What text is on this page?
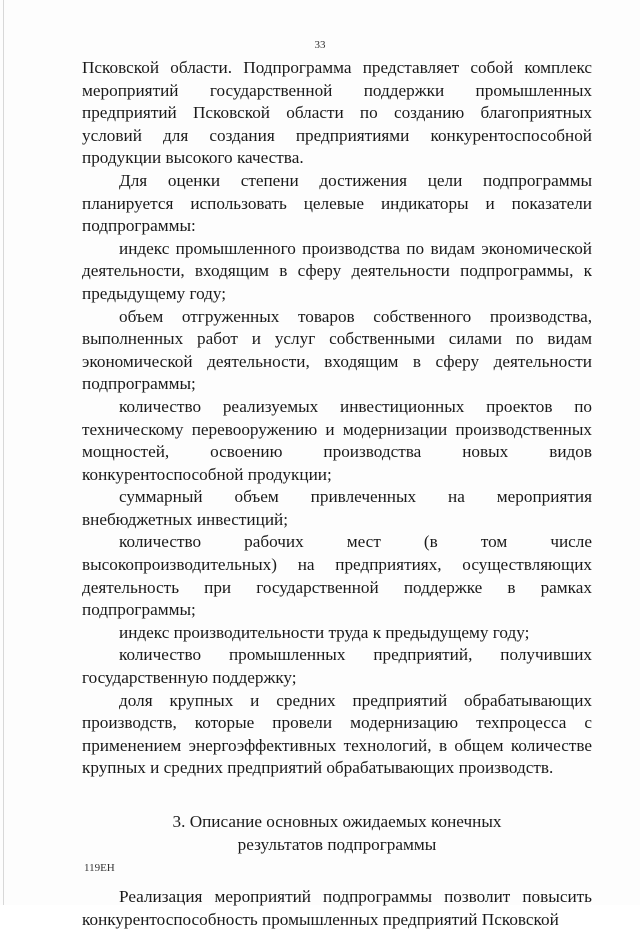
33

Псковской области. Подпрограмма представляет собой комплекс мероприятий государственной поддержки промышленных предприятий Псковской области по созданию благоприятных условий для создания предприятиями конкурентоспособной продукции высокого качества.

Для оценки степени достижения цели подпрограммы планируется использовать целевые индикаторы и показатели подпрограммы:

индекс промышленного производства по видам экономической деятельности, входящим в сферу деятельности подпрограммы, к предыдущему году;

объем отгруженных товаров собственного производства, выполненных работ и услуг собственными силами по видам экономической деятельности, входящим в сферу деятельности подпрограммы;

количество реализуемых инвестиционных проектов по техническому перевооружению и модернизации производственных мощностей, освоению производства новых видов конкурентоспособной продукции;

суммарный объем привлеченных на мероприятия внебюджетных инвестиций;

количество рабочих мест (в том числе высокопроизводительных) на предприятиях, осуществляющих деятельность при государственной поддержке в рамках подпрограммы;

индекс производительности труда к предыдущему году;

количество промышленных предприятий, получивших государственную поддержку;

доля крупных и средних предприятий обрабатывающих производств, которые провели модернизацию техпроцесса с применением энергоэффективных технологий, в общем количестве крупных и средних предприятий обрабатывающих производств.

3. Описание основных ожидаемых конечных
результатов подпрограммы

Реализация мероприятий подпрограммы позволит повысить конкурентоспособность промышленных предприятий Псковской

119ЕН
